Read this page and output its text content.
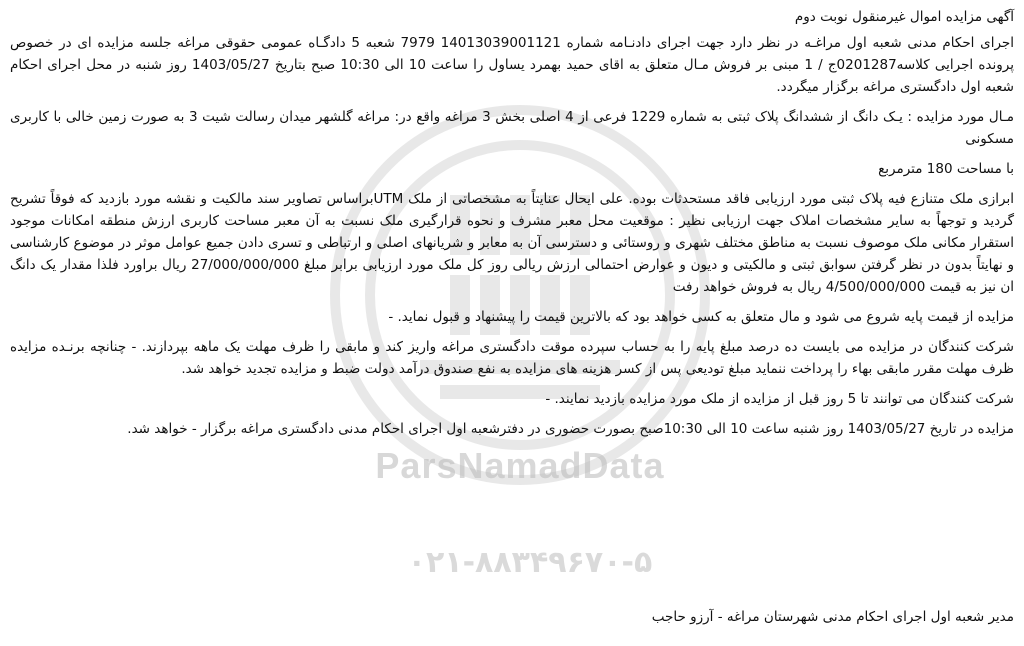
ParsNamadData
۰۲۱-۸۸۳۴۹۶۷۰-۵

آگهی مزایده اموال غیرمنقول نوبت دوم

اجرای احکام مدنی شعبه اول مراغـه در نظر دارد جهت اجرای دادنـامه شماره 14013039001121 7979 شعبه 5 دادگـاه عمومی حقوقی مراغه جلسه مزایده ای در خصوص پرونده اجرایی کلاسه0201287ج / 1 مبنی بر فروش مـال متعلق به اقای حمید بهمرد یساول را ساعت 10 الی 10:30 صبح بتاریخ 1403/05/27 روز شنبه در محل اجرای احکام شعبه اول دادگستری مراغه برگزار میگردد.

مـال مورد مزایده : یـک دانگ از ششدانگ پلاک ثبتی به شماره 1229 فرعی از 4 اصلی بخش 3 مراغه واقع در: مراغه گلشهر میدان رسالت شیت 3 به صورت زمین خالی با کاربری مسکونی

با مساحت 180 مترمربع

ابرازی ملک متنازع فیه پلاک ثبتی مورد ارزیابی فاقد مستحدثات بوده. علی ایحال عنایتاً به مشخصاتی از ملک UTMبراساس تصاویر سند مالکیت و نقشه مورد بازدید که فوقاً تشریح گردید و توجهاً به سایر مشخصات املاک جهت ارزیابی نظیر : موقعیت محل معبر مشرف و نحوه قرارگیری ملک نسبت به آن معبر مساحت کاربری ارزش منطقه امکانات موجود استقرار مکانی ملک موصوف نسبت به مناطق مختلف شهری و روستائی و دسترسی آن به معابر و شریانهای اصلی و ارتباطی و تسری دادن جمیع عوامل موثر در موضوع کارشناسی و نهایتاً بدون در نظر گرفتن سوابق ثبتی و مالکیتی و دیون و عوارض احتمالی ارزش ریالی روز کل ملک مورد ارزیابی برابر مبلغ 27/000/000/000 ریال براورد فلذا مقدار یک دانگ ان نیز به قیمت 4/500/000/000 ریال به فروش خواهد رفت

مزایده از قیمت پایه شروع می شود و مال متعلق به کسی خواهد بود که بالاترین قیمت را پیشنهاد و قبول نماید. -

شرکت کنندگان در مزایده می بایست ده درصد مبلغ پایه را به حساب سپرده موقت دادگستری مراغه واریز کند و مابقی را ظرف مهلت یک ماهه بپردازند. - چنانچه برنـده مزایده ظرف مهلت مقرر مابقی بهاء را پرداخت ننماید مبلغ تودیعی پس از کسر هزینه های مزایده به نفع صندوق درآمد دولت ضبط و مزایده تجدید خواهد شد.

شرکت کنندگان می توانند تا 5 روز قبل از مزایده از ملک مورد مزایده بازدید نمایند. -

مزایده در تاریخ 1403/05/27 روز شنبه ساعت 10 الی 10:30صبح بصورت حضوری در دفترشعبه اول اجرای احکام مدنی دادگستری مراغه برگزار - خواهد شد.

مدیر شعبه اول اجرای احکام مدنی شهرستان مراغه - آرزو حاجب
